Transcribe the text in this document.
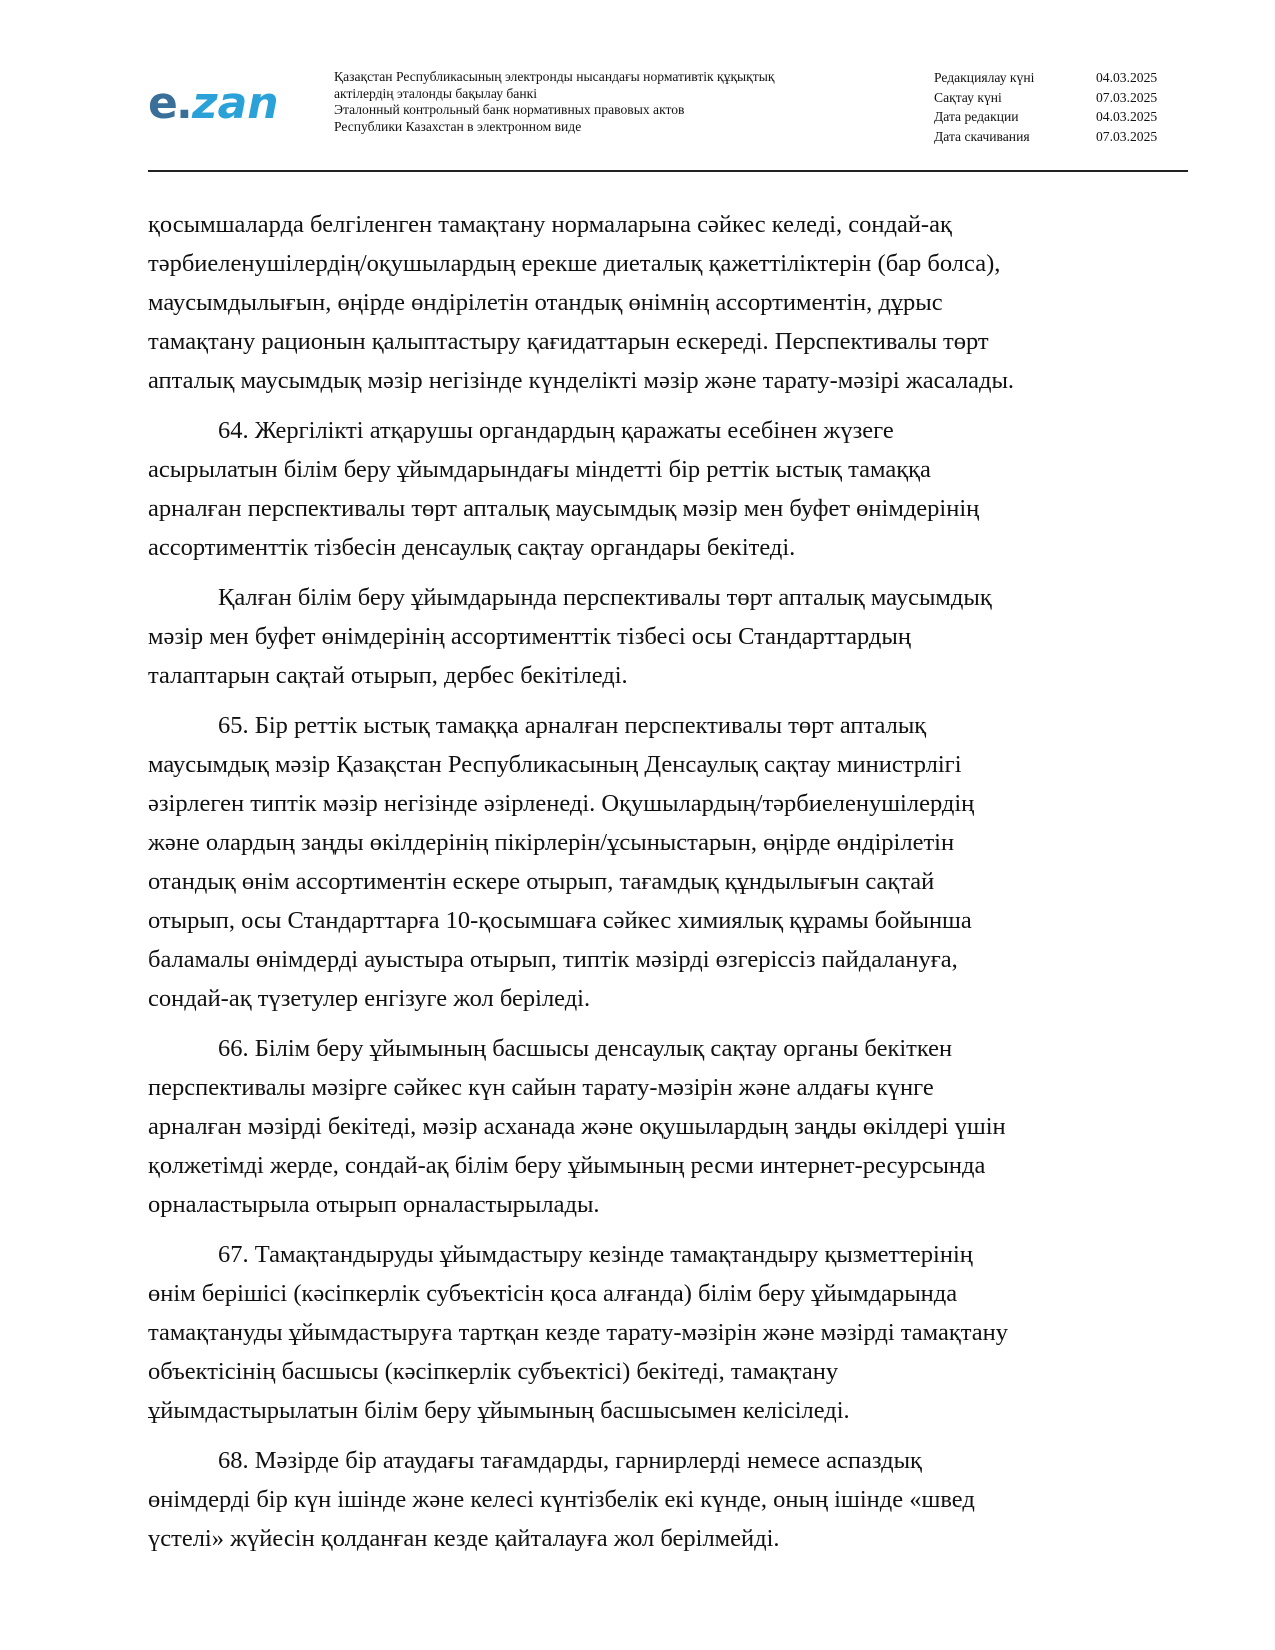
e
. zan
Қазақстан Республикасының электронды нысандағы нормативтік құқықтық
актілердің эталонды бақылау банкі
Эталонный контрольный банк нормативных правовых актов
Республики Казахстан в электронном виде
Редакциялау күні	04.03.2025
Сақтау күні	07.03.2025
Дата редакции	04.03.2025
Дата скачивания	07.03.2025
қосымшаларда белгіленген тамақтану нормаларына сәйкес келеді, сондай-ақ
тәрбиеленушілердің/оқушылардың ерекше диеталық қажеттіліктерін (бар болса),
маусымдылығын, өңірде өндірілетін отандық өнімнің ассортиментін, дұрыс
тамақтану рационын қалыптастыру қағидаттарын ескереді. Перспективалы төрт
апталық маусымдық мәзір негізінде күнделікті мәзір және тарату-мәзірі жасалады.
64. Жергілікті атқарушы органдардың қаражаты есебінен жүзеге
асырылатын білім беру ұйымдарындағы міндетті бір реттік ыстық тамаққа
арналған перспективалы төрт апталық маусымдық мәзір мен буфет өнімдерінің
ассортименттік тізбесін денсаулық сақтау органдары бекітеді.
Қалған білім беру ұйымдарында перспективалы төрт апталық маусымдық
мәзір мен буфет өнімдерінің ассортименттік тізбесі осы Стандарттардың
талаптарын сақтай отырып, дербес бекітіледі.
65. Бір реттік ыстық тамаққа арналған перспективалы төрт апталық
маусымдық мәзір Қазақстан Республикасының Денсаулық сақтау министрлігі
әзірлеген типтік мәзір негізінде әзірленеді. Оқушылардың/тәрбиеленушілердің
және олардың заңды өкілдерінің пікірлерін/ұсыныстарын, өңірде өндірілетін
отандық өнім ассортиментін ескере отырып, тағамдық құндылығын сақтай
отырып, осы Стандарттарға 10-қосымшаға сәйкес химиялық құрамы бойынша
баламалы өнімдерді ауыстыра отырып, типтік мәзірді өзгеріссіз пайдалануға,
сондай-ақ түзетулер енгізуге жол беріледі.
66. Білім беру ұйымының басшысы денсаулық сақтау органы бекіткен
перспективалы мәзірге сәйкес күн сайын тарату-мәзірін және алдағы күнге
арналған мәзірді бекітеді, мәзір асханада және оқушылардың заңды өкілдері үшін
қолжетімді жерде, сондай-ақ білім беру ұйымының ресми интернет-ресурсында
орналастырыла отырып орналастырылады.
67. Тамақтандыруды ұйымдастыру кезінде тамақтандыру қызметтерінің
өнім берішісі (кәсіпкерлік субъектісін қоса алғанда) білім беру ұйымдарында
тамақтануды ұйымдастыруға тартқан кезде тарату-мәзірін және мәзірді тамақтану
объектісінің басшысы (кәсіпкерлік субъектісі) бекітеді, тамақтану
ұйымдастырылатын білім беру ұйымының басшысымен келісіледі.
68. Мәзірде бір атаудағы тағамдарды, гарнирлерді немесе аспаздық
өнімдерді бір күн ішінде және келесі күнтізбелік екі күнде, оның ішінде «швед
үстелі» жүйесін қолданған кезде қайталауға жол берілмейді.
